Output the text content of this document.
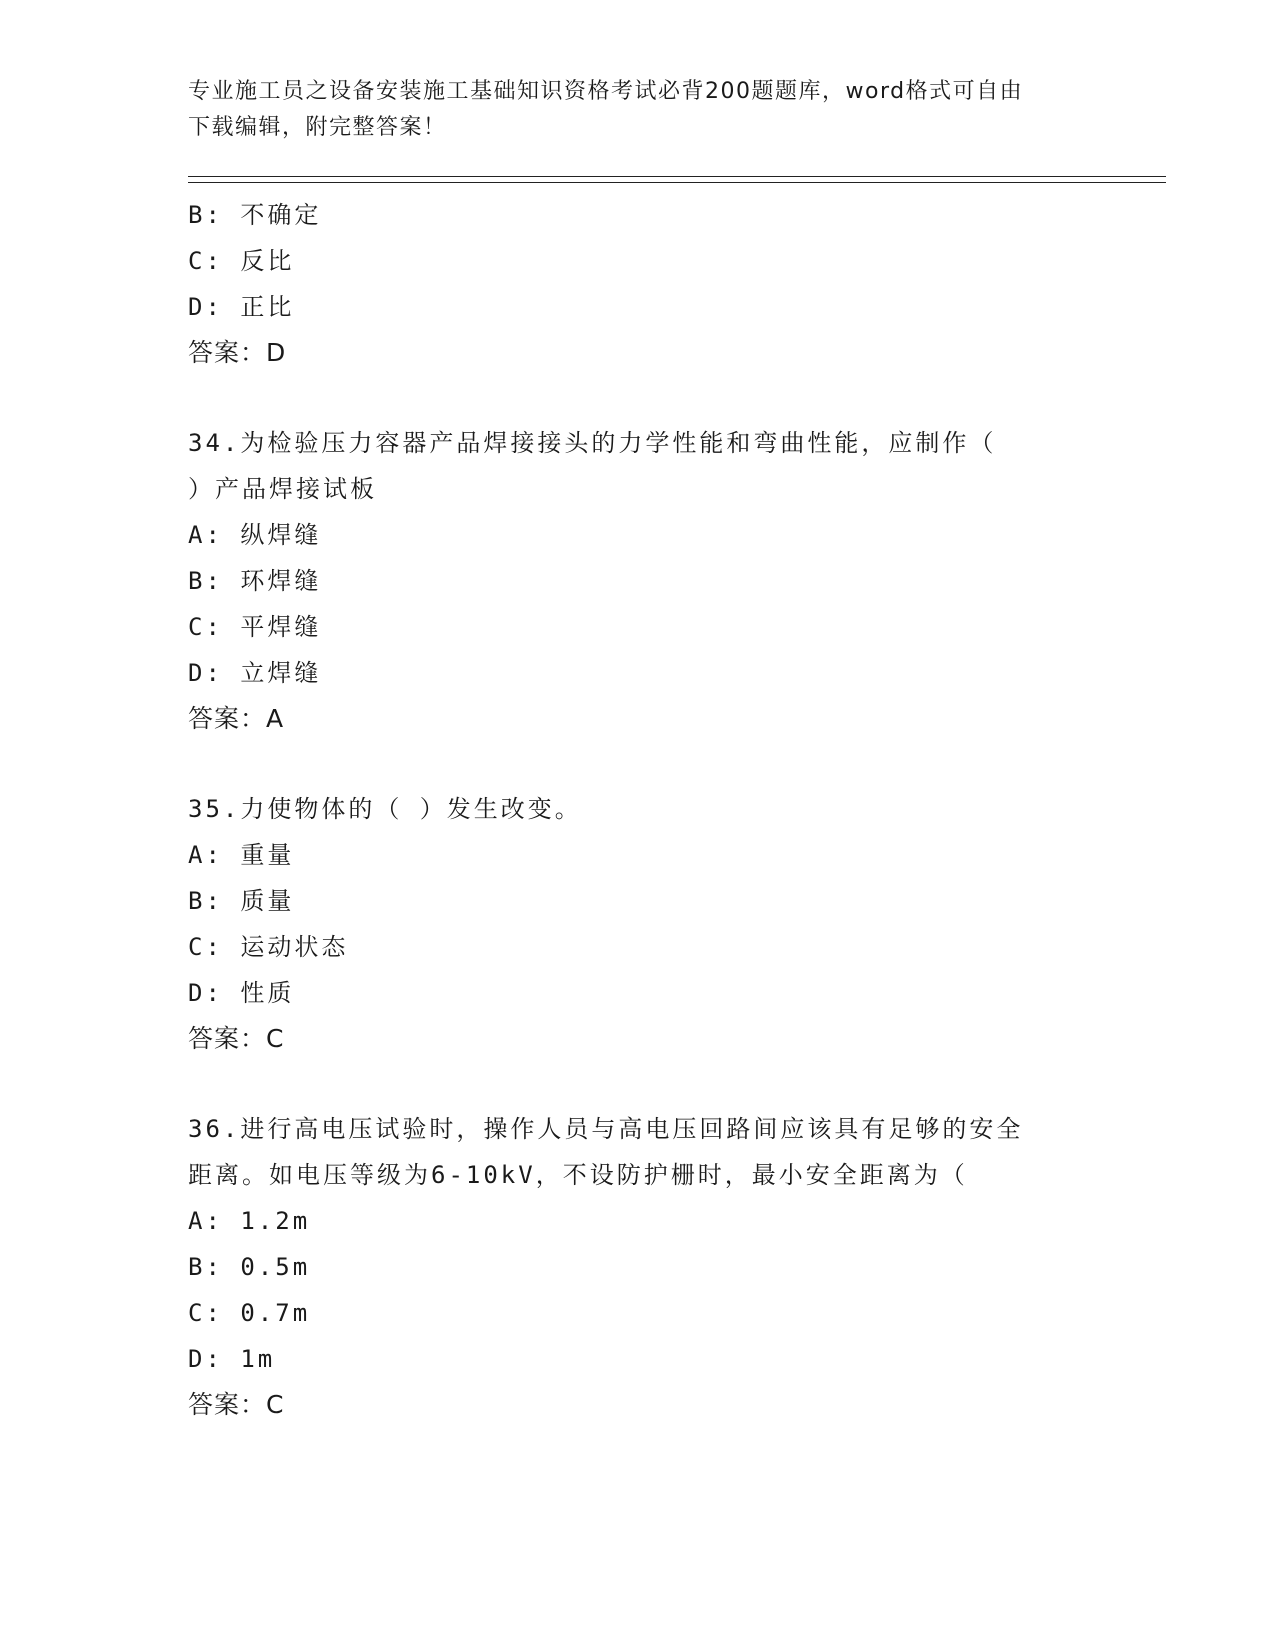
专业施工员之设备安装施工基础知识资格考试必背200题题库，word格式可自由
下载编辑，附完整答案！
B: 不确定
C: 反比
D: 正比
答案：D
34.为检验压力容器产品焊接接头的力学性能和弯曲性能，应制作（
）产品焊接试板
A: 纵焊缝
B: 环焊缝
C: 平焊缝
D: 立焊缝
答案：A
35.力使物体的（ ）发生改变。
A: 重量
B: 质量
C: 运动状态
D: 性质
答案：C
36.进行高电压试验时，操作人员与高电压回路间应该具有足够的安全
距离。如电压等级为6-10kV，不设防护栅时，最小安全距离为（
A: 1.2m
B: 0.5m
C: 0.7m
D: 1m
答案：C
